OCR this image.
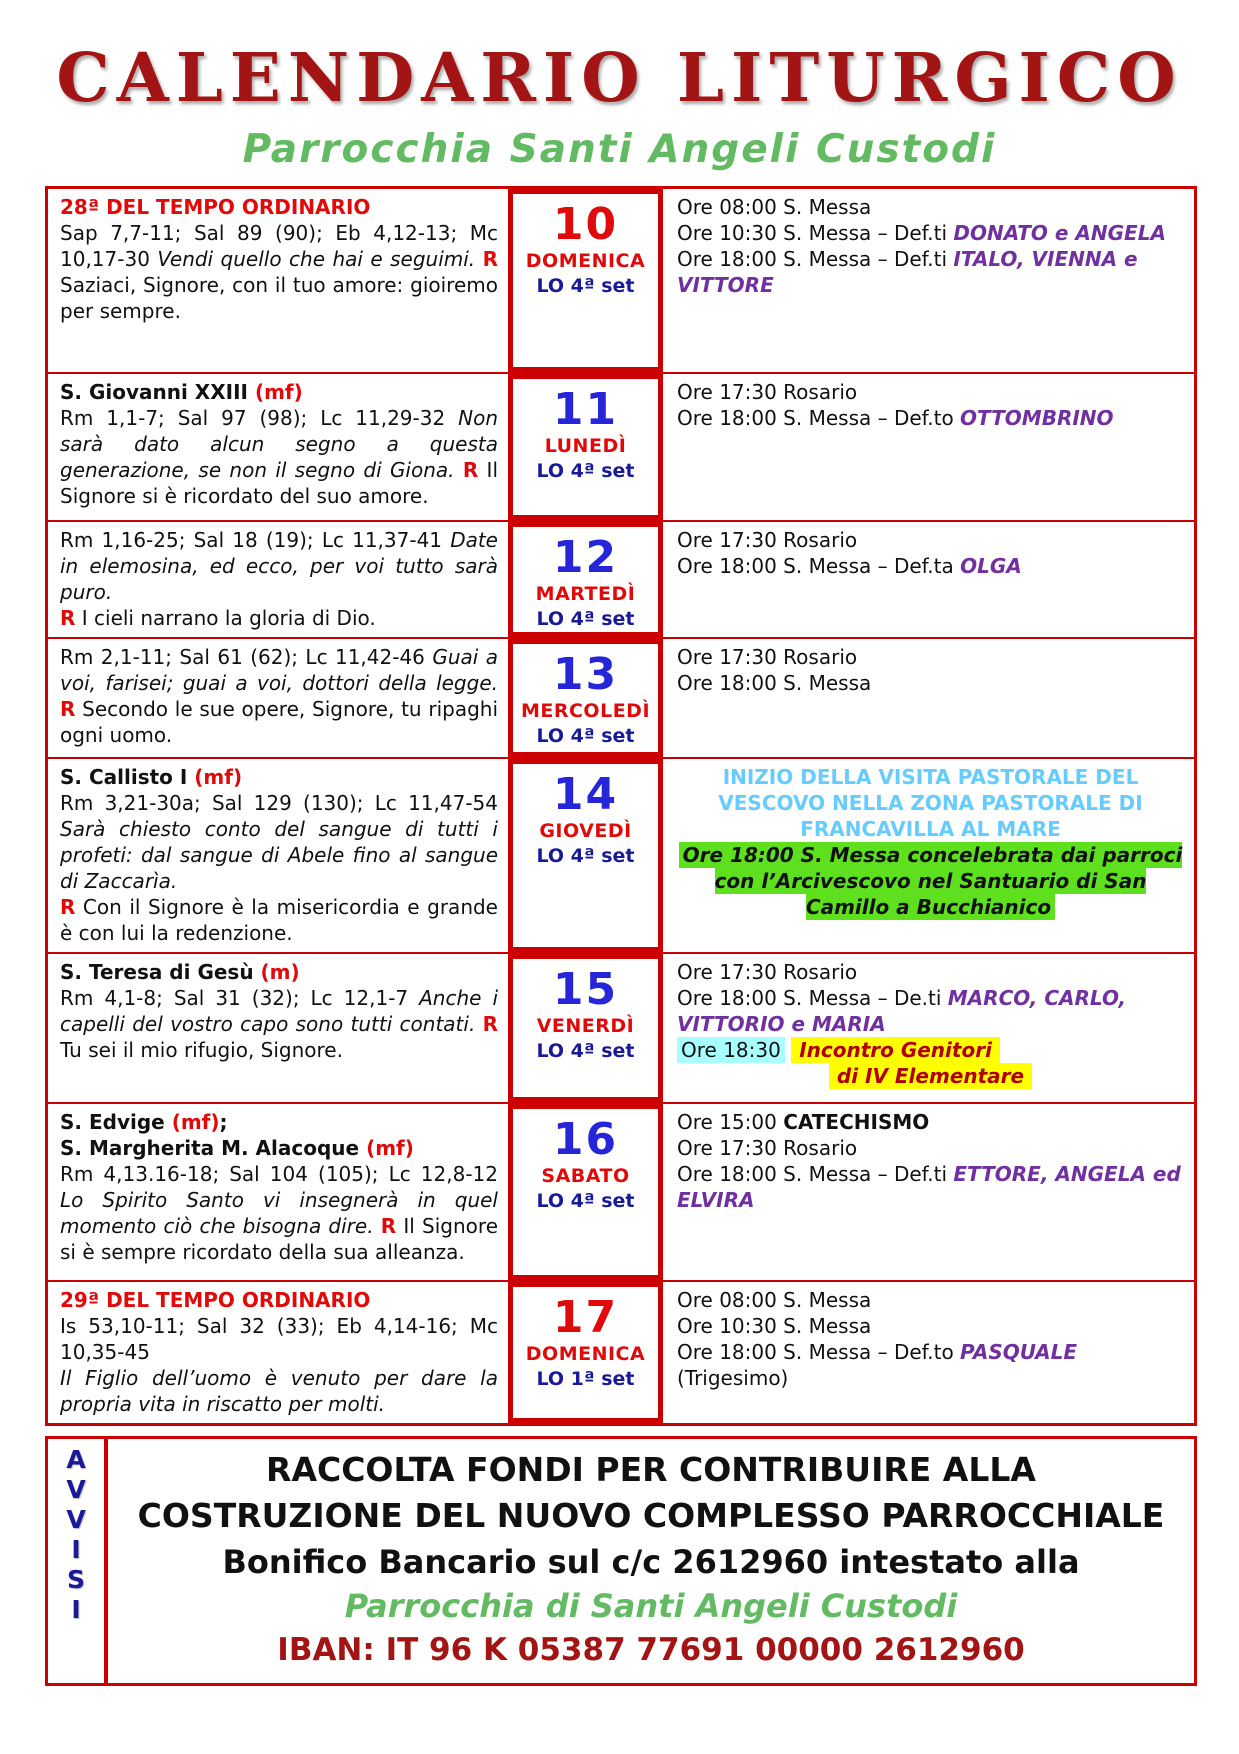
CALENDARIO LITURGICO
Parrocchia Santi Angeli Custodi
28ª DEL TEMPO ORDINARIO
Sap 7,7-11; Sal 89 (90); Eb 4,12-13; Mc 10,17-30 Vendi quello che hai e seguimi. R Saziaci, Signore, con il tuo amore: gioiremo per sempre.
10
DOMENICA
LO 4ª set
Ore 08:00 S. Messa
Ore 10:30 S. Messa – Def.ti DONATO e ANGELA
Ore 18:00 S. Messa – Def.ti ITALO, VIENNA e VITTORE
S. Giovanni XXIII (mf)
Rm 1,1-7; Sal 97 (98); Lc 11,29-32 Non sarà dato alcun segno a questa generazione, se non il segno di Giona. R Il Signore si è ricordato del suo amore.
11
LUNEDÌ
LO 4ª set
Ore 17:30 Rosario
Ore 18:00 S. Messa – Def.to OTTOMBRINO
Rm 1,16-25; Sal 18 (19); Lc 11,37-41 Date in elemosina, ed ecco, per voi tutto sarà puro.
R I cieli narrano la gloria di Dio.
12
MARTEDÌ
LO 4ª set
Ore 17:30 Rosario
Ore 18:00 S. Messa – Def.ta OLGA
Rm 2,1-11; Sal 61 (62); Lc 11,42-46 Guai a voi, farisei; guai a voi, dottori della legge. R Secondo le sue opere, Signore, tu ripaghi ogni uomo.
13
MERCOLEDÌ
LO 4ª set
Ore 17:30 Rosario
Ore 18:00 S. Messa
S. Callisto I (mf)
Rm 3,21-30a; Sal 129 (130); Lc 11,47-54 Sarà chiesto conto del sangue di tutti i profeti: dal sangue di Abele fino al sangue di Zaccarìa.
R Con il Signore è la misericordia e grande è con lui la redenzione.
14
GIOVEDÌ
LO 4ª set
INIZIO DELLA VISITA PASTORALE DEL VESCOVO NELLA ZONA PASTORALE DI FRANCAVILLA AL MARE
Ore 18:00 S. Messa concelebrata dai parroci con l’Arcivescovo nel Santuario di San Camillo a Bucchianico
S. Teresa di Gesù (m)
Rm 4,1-8; Sal 31 (32); Lc 12,1-7 Anche i capelli del vostro capo sono tutti contati. R Tu sei il mio rifugio, Signore.
15
VENERDÌ
LO 4ª set
Ore 17:30 Rosario
Ore 18:00 S. Messa – De.ti MARCO, CARLO, VITTORIO e MARIA
Ore 18:30 Incontro Genitori
di IV Elementare
S. Edvige (mf);
S. Margherita M. Alacoque (mf)
Rm 4,13.16-18; Sal 104 (105); Lc 12,8-12 Lo Spirito Santo vi insegnerà in quel momento ciò che bisogna dire. R Il Signore si è sempre ricordato della sua alleanza.
16
SABATO
LO 4ª set
Ore 15:00 CATECHISMO
Ore 17:30 Rosario
Ore 18:00 S. Messa – Def.ti ETTORE, ANGELA ed ELVIRA
29ª DEL TEMPO ORDINARIO
Is 53,10-11; Sal 32 (33); Eb 4,14-16; Mc 10,35-45
Il Figlio dell’uomo è venuto per dare la propria vita in riscatto per molti.
17
DOMENICA
LO 1ª set
Ore 08:00 S. Messa
Ore 10:30 S. Messa
Ore 18:00 S. Messa – Def.to PASQUALE
(Trigesimo)
A
V
V
I
S
I
RACCOLTA FONDI PER CONTRIBUIRE ALLA
COSTRUZIONE DEL NUOVO COMPLESSO PARROCCHIALE
Bonifico Bancario sul c/c 2612960 intestato alla
Parrocchia di Santi Angeli Custodi
IBAN: IT 96 K 05387 77691 00000 2612960
